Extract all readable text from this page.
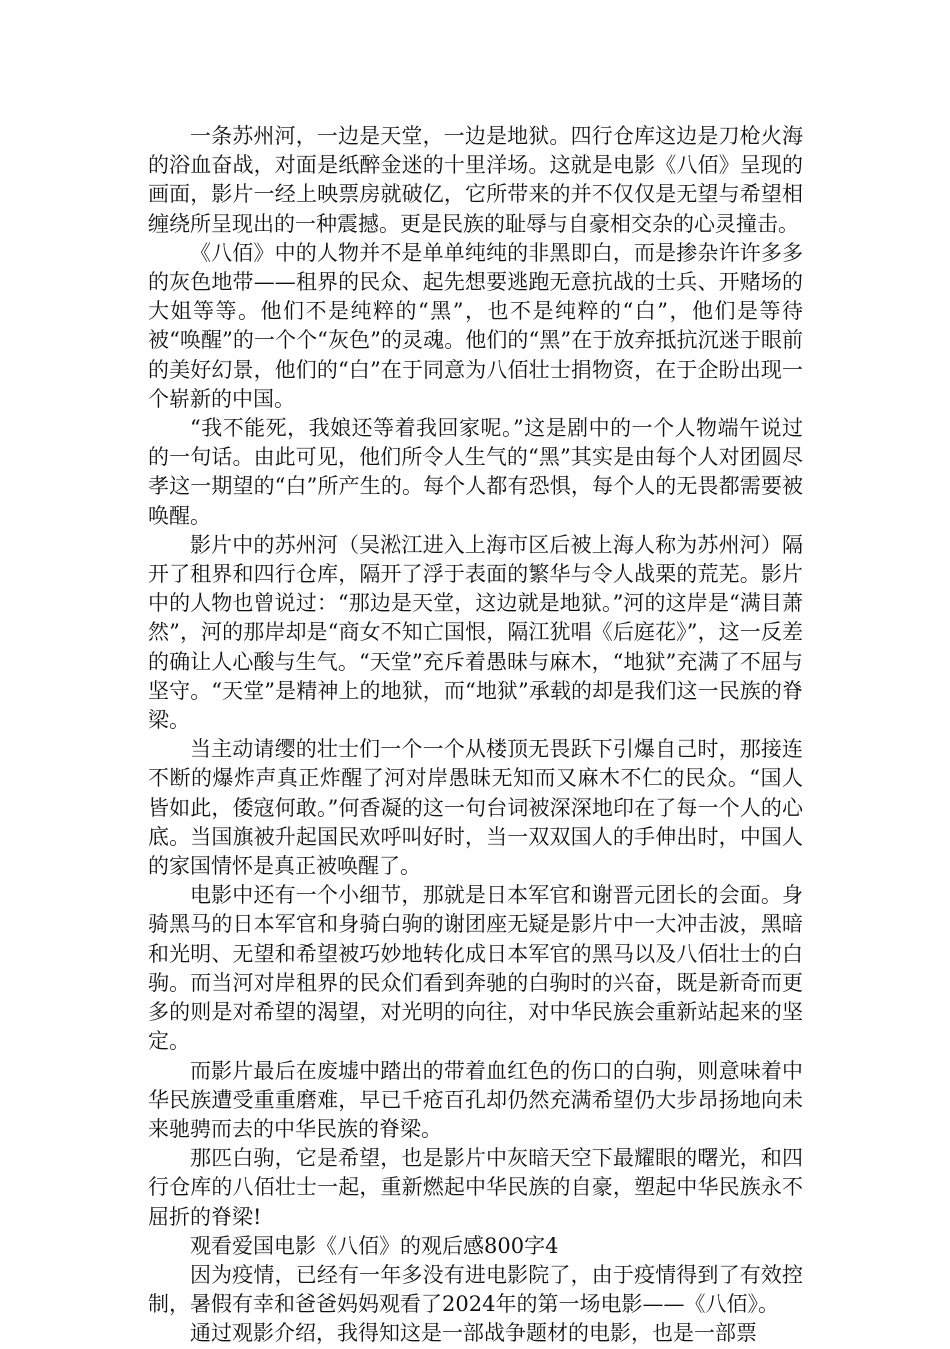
一条苏州河，一边是天堂，一边是地狱。四行仓库这边是刀枪火海的浴血奋战，对面是纸醉金迷的十里洋场。这就是电影《八佰》呈现的画面，影片一经上映票房就破亿，它所带来的并不仅仅是无望与希望相缠绕所呈现出的一种震撼。更是民族的耻辱与自豪相交杂的心灵撞击。

《八佰》中的人物并不是单单纯纯的非黑即白，而是掺杂许许多多的灰色地带——租界的民众、起先想要逃跑无意抗战的士兵、开赌场的大姐等等。他们不是纯粹的“黑”，也不是纯粹的“白”，他们是等待被“唤醒”的一个个“灰色”的灵魂。他们的“黑”在于放弃抵抗沉迷于眼前的美好幻景，他们的“白”在于同意为八佰壮士捐物资，在于企盼出现一个崭新的中国。

“我不能死，我娘还等着我回家呢。”这是剧中的一个人物端午说过的一句话。由此可见，他们所令人生气的“黑”其实是由每个人对团圆尽孝这一期望的“白”所产生的。每个人都有恐惧，每个人的无畏都需要被唤醒。

影片中的苏州河（吴淞江进入上海市区后被上海人称为苏州河）隔开了租界和四行仓库，隔开了浮于表面的繁华与令人战栗的荒芜。影片中的人物也曾说过：“那边是天堂，这边就是地狱。”河的这岸是“满目萧然”，河的那岸却是“商女不知亡国恨，隔江犹唱《后庭花》”，这一反差的确让人心酸与生气。“天堂”充斥着愚昧与麻木，“地狱”充满了不屈与坚守。“天堂”是精神上的地狱，而“地狱”承载的却是我们这一民族的脊梁。

当主动请缨的壮士们一个一个从楼顶无畏跃下引爆自己时，那接连不断的爆炸声真正炸醒了河对岸愚昧无知而又麻木不仁的民众。“国人皆如此，倭寇何敢。”何香凝的这一句台词被深深地印在了每一个人的心底。当国旗被升起国民欢呼叫好时，当一双双国人的手伸出时，中国人的家国情怀是真正被唤醒了。

电影中还有一个小细节，那就是日本军官和谢晋元团长的会面。身骑黑马的日本军官和身骑白驹的谢团座无疑是影片中一大冲击波，黑暗和光明、无望和希望被巧妙地转化成日本军官的黑马以及八佰壮士的白驹。而当河对岸租界的民众们看到奔驰的白驹时的兴奋，既是新奇而更多的则是对希望的渴望，对光明的向往，对中华民族会重新站起来的坚定。

而影片最后在废墟中踏出的带着血红色的伤口的白驹，则意味着中华民族遭受重重磨难，早已千疮百孔却仍然充满希望仍大步昂扬地向未来驰骋而去的中华民族的脊梁。

那匹白驹，它是希望，也是影片中灰暗天空下最耀眼的曙光，和四行仓库的八佰壮士一起，重新燃起中华民族的自豪，塑起中华民族永不屈折的脊梁!

观看爱国电影《八佰》的观后感800字4

因为疫情，已经有一年多没有进电影院了，由于疫情得到了有效控制，暑假有幸和爸爸妈妈观看了2024年的第一场电影——《八佰》。

通过观影介绍，我得知这是一部战争题材的电影，也是一部票
